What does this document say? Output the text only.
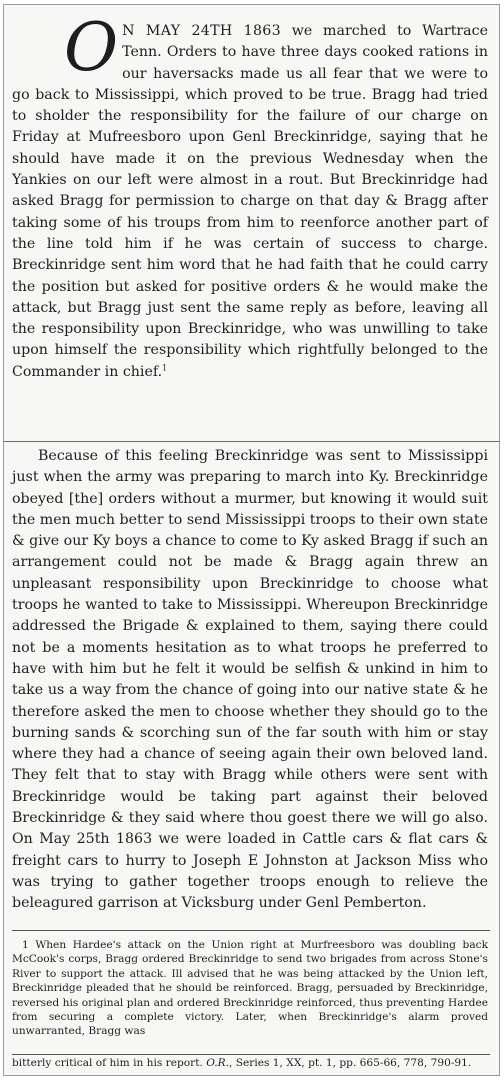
O N MAY 24TH 1863 we marched to Wartrace Tenn. Orders to have three days cooked rations in our haversacks made us all fear that we were to go back to Mississippi, which proved to be true. Bragg had tried to sholder the responsibility for the failure of our charge on Friday at Mufreesboro upon Genl Breckinridge, saying that he should have made it on the previous Wednesday when the Yankies on our left were almost in a rout. But Breckinridge had asked Bragg for permission to charge on that day & Bragg after taking some of his troups from him to reenforce another part of the line told him if he was certain of success to charge. Breckinridge sent him word that he had faith that he could carry the position but asked for positive orders & he would make the attack, but Bragg just sent the same reply as before, leaving all the responsibility upon Breckinridge, who was unwilling to take upon himself the responsibility which rightfully belonged to the Commander in chief.$^1$

Because of this feeling Breckinridge was sent to Mississippi just when the army was preparing to march into Ky. Breckinridge obeyed [the] orders without a murmer, but knowing it would suit the men much better to send Mississippi troops to their own state & give our Ky boys a chance to come to Ky asked Bragg if such an arrangement could not be made & Bragg again threw an unpleasant responsibility upon Breckinridge to choose what troops he wanted to take to Mississippi. Whereupon Breckinridge addressed the Brigade & explained to them, saying there could not be a moments hesitation as to what troops he preferred to have with him but he felt it would be selfish & unkind in him to take us a way from the chance of going into our native state & he therefore asked the men to choose whether they should go to the burning sands & scorching sun of the far south with him or stay where they had a chance of seeing again their own beloved land. They felt that to stay with Bragg while others were sent with Breckinridge would be taking part against their beloved Breckinridge & they said where thou goest there we will go also. On May 25th 1863 we were loaded in Cattle cars & flat cars & freight cars to hurry to Joseph E Johnston at Jackson Miss who was trying to gather together troops enough to relieve the beleagured garrison at Vicksburg under Genl Pemberton.

1 When Hardee's attack on the Union right at Murfreesboro was doubling back McCook's corps, Bragg ordered Breckinridge to send two brigades from across Stone's River to support the attack. Ill advised that he was being attacked by the Union left, Breckinridge pleaded that he should be reinforced. Bragg, persuaded by Breckinridge, reversed his original plan and ordered Breckinridge reinforced, thus preventing Hardee from securing a complete victory. Later, when Breckinridge's alarm proved unwarranted, Bragg was

bitterly critical of him in his report. O.R., Series 1, XX, pt. 1, pp. 665-66, 778, 790-91.
